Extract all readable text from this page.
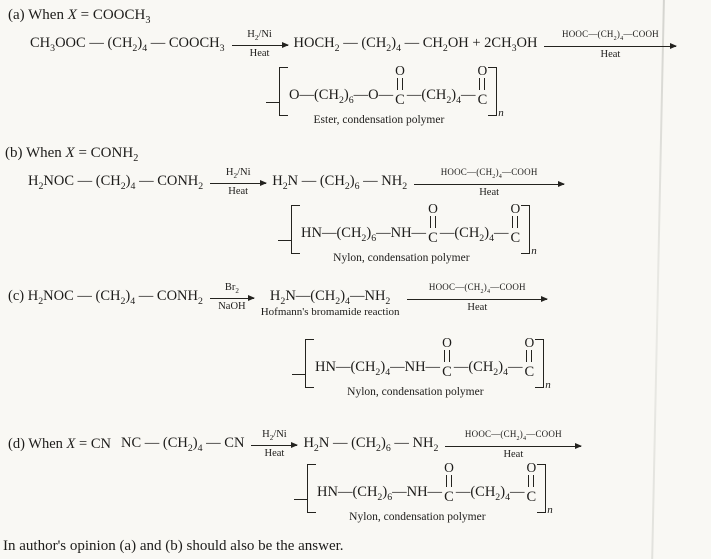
(a) When $X = COOCH_3$
$CH_3OOC$ — $(CH_2)_4$ — $COOCH_3$
$H_2/Ni$
Heat
$HOCH_2$ — $(CH_2)_4$ — $CH_2OH + 2CH_3OH$
$HOOC—(CH_2)_4—COOH$
Heat
$O—(CH_2)_6—O—$
O
C $—(CH_2)_4—$
O
C
n
Ester, condensation polymer
(b) When $X = CONH_2$
$H_2NOC$ — $(CH_2)_4$ — $CONH_2$
$H_2/Ni$
Heat
$H_2N$ — $(CH_2)_6$ — $NH_2$
$HOOC—(CH_2)_4—COOH$
Heat
$HN—(CH_2)_6—NH—$
O
C $—(CH_2)_4—$
O
C
n
Nylon, condensation polymer
(c) $H_2NOC$ — $(CH_2)_4$ — $CONH_2$
$Br_2$
NaOH
$H_2N—(CH_2)_4—NH_2$
Hofmann's bromamide reaction
$HOOC—(CH_2)_4—COOH$
Heat
$HN—(CH_2)_4—NH—$
O
C $—(CH_2)_4—$
O
C
n
Nylon, condensation polymer
(d) When X = CN NC — $(CH_2)_4$ — CN
$H_2/Ni$
Heat
$H_2N$ — $(CH_2)_6$ — $NH_2$
$HOOC—(CH_2)_4—COOH$
Heat
$HN—(CH_2)_6—NH—$
O
C $—(CH_2)_4—$
O
C
n
Nylon, condensation polymer
In author's opinion (a) and (b) should also be the answer.
